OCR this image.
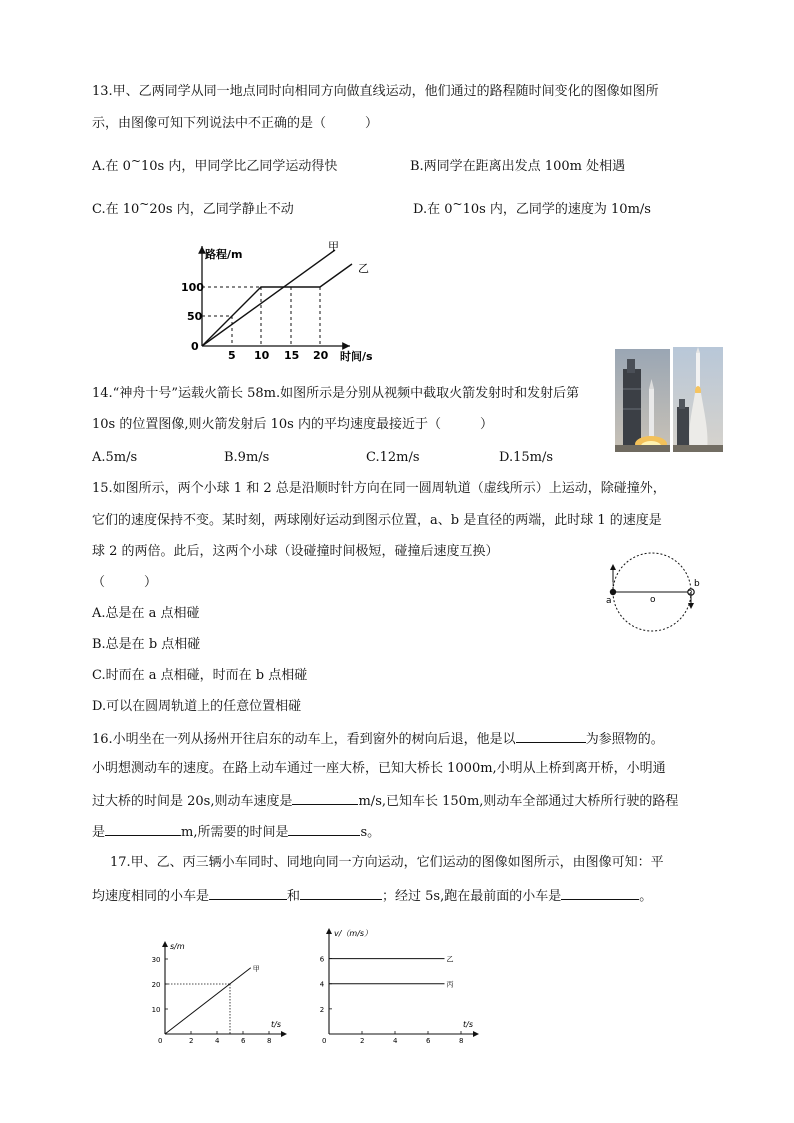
13.甲、乙两同学从同一地点同时向相同方向做直线运动，他们通过的路程随时间变化的图像如图所
示，由图像可知下列说法中不正确的是（　　　）
A.在 0~10s 内，甲同学比乙同学运动得快	B.两同学在距离出发点 100m 处相遇
C.在 10~20s 内，乙同学静止不动	D.在 0~10s 内，乙同学的速度为 10m/s
路程/m
时间/s
甲
乙
100
50
0
5 10 15 20
14.“神舟十号”运载火箭长 58m.如图所示是分别从视频中截取火箭发射时和发射后第
10s 的位置图像,则火箭发射后 10s 内的平均速度最接近于（　　　）
A.5m/s	B.9m/s	C.12m/s	D.15m/s
15.如图所示，两个小球 1 和 2 总是沿顺时针方向在同一圆周轨道（虚线所示）上运动，除碰撞外，
它们的速度保持不变。某时刻，两球刚好运动到图示位置，a、b 是直径的两端，此时球 1 的速度是
球 2 的两倍。此后，这两个小球（设碰撞时间极短，碰撞后速度互换）
（　　　）
A.总是在 a 点相碰
B.总是在 b 点相碰
C.时而在 a 点相碰，时而在 b 点相碰
D.可以在圆周轨道上的任意位置相碰
a
b
o
1
2
16.小明坐在一列从扬州开往启东的动车上，看到窗外的树向后退，他是以	为参照物的。
小明想测动车的速度。在路上动车通过一座大桥，已知大桥长 1000m,小明从上桥到离开桥，小明通
过大桥的时间是 20s,则动车速度是	m/s,已知车长 150m,则动车全部通过大桥所行驶的路程
是	m,所需要的时间是	s。
17.甲、乙、丙三辆小车同时、同地向同一方向运动，它们运动的图像如图所示，由图像可知：平
均速度相同的小车是	和	；经过 5s,跑在最前面的小车是	。
s/m
t/s
0	2	4	6	8
10
20
30
甲
v/（m/s）
t/s
0	2	4	6	8
2
4
6	乙
丙
